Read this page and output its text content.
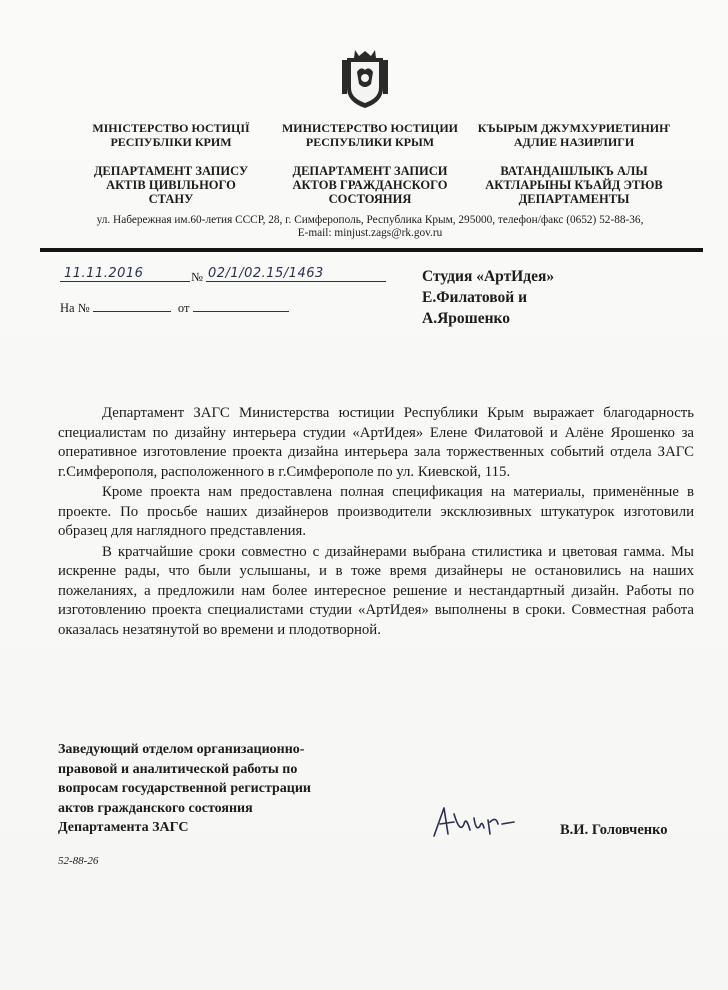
МІНІСТЕРСТВО ЮСТИЦІЇ
РЕСПУБЛІКИ КРИМ
ДЕПАРТАМЕНТ ЗАПИСУ
АКТІВ ЦИВІЛЬНОГО
СТАНУ
МИНИСТЕРСТВО ЮСТИЦИИ
РЕСПУБЛИКИ КРЫМ
ДЕПАРТАМЕНТ ЗАПИСИ
АКТОВ ГРАЖДАНСКОГО
СОСТОЯНИЯ
КЪЫРЫМ ДЖУМХУРИЕТИНИҤ
АДЛИЕ НАЗИРЛИГИ
ВАТАНДАШЛЫКЪ АЛЫ
АКТЛАРЫНЫ КЪАЙД ЭТЮВ
ДЕПАРТАМЕНТЫ
ул. Набережная им.60-летия СССР, 28, г. Симферополь, Республика Крым, 295000, телефон/факс (0652) 52-88-36,
E-mail: minjust.zags@rk.gov.ru
11.11.2016	№ 02/1/02.15/1463
На №	от
Студия «АртИдея»
Е.Филатовой и
А.Ярошенко

Департамент ЗАГС Министерства юстиции Республики Крым выражает благодарность специалистам по дизайну интерьера студии «АртИдея» Елене Филатовой и Алёне Ярошенко за оперативное изготовление проекта дизайна интерьера зала торжественных событий отдела ЗАГС г.Симферополя, расположенного в г.Симферополе по ул. Киевской, 115.

Кроме проекта нам предоставлена полная спецификация на материалы, применённые в проекте. По просьбе наших дизайнеров производители эксклюзивных штукатурок изготовили образец для наглядного представления.

В кратчайшие сроки совместно с дизайнерами выбрана стилистика и цветовая гамма. Мы искренне рады, что были услышаны, и в тоже время дизайнеры не остановились на наших пожеланиях, а предложили нам более интересное решение и нестандартный дизайн. Работы по изготовлению проекта специалистами студии «АртИдея» выполнены в сроки. Совместная работа оказалась незатянутой во времени и плодотворной.

Заведующий отделом организационно-
правовой и аналитической работы по
вопросам государственной регистрации
актов гражданского состояния
Департамента ЗАГС	В.И. Головченко
52-88-26
